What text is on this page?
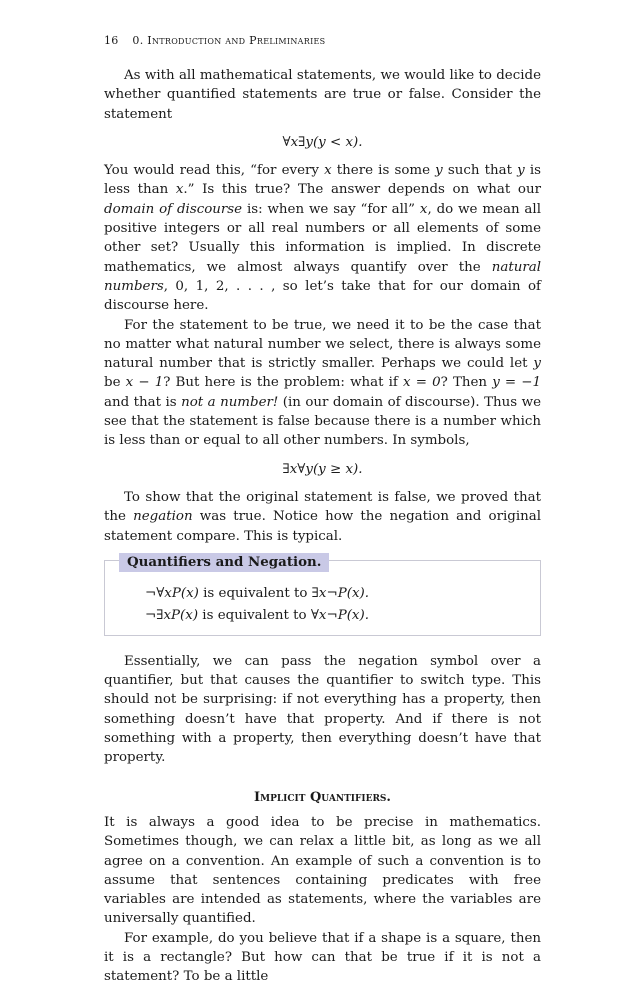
16 0. Introduction and Preliminaries

As with all mathematical statements, we would like to decide whether quantified statements are true or false. Consider the statement

∀x∃y(y < x).

You would read this, “for every x there is some y such that y is less than x.” Is this true? The answer depends on what our domain of discourse is: when we say “for all” x, do we mean all positive integers or all real numbers or all elements of some other set? Usually this information is implied. In discrete mathematics, we almost always quantify over the natural numbers, 0, 1, 2, . . . , so let’s take that for our domain of discourse here.

For the statement to be true, we need it to be the case that no matter what natural number we select, there is always some natural number that is strictly smaller. Perhaps we could let y be x − 1? But here is the problem: what if x = 0? Then y = −1 and that is not a number! (in our domain of discourse). Thus we see that the statement is false because there is a number which is less than or equal to all other numbers. In symbols,

∃x∀y(y ≥ x).

To show that the original statement is false, we proved that the negation was true. Notice how the negation and original statement compare. This is typical.

Quantifiers and Negation.
¬∀xP(x) is equivalent to ∃x¬P(x).
¬∃xP(x) is equivalent to ∀x¬P(x).

Essentially, we can pass the negation symbol over a quantifier, but that causes the quantifier to switch type. This should not be surprising: if not everything has a property, then something doesn’t have that property. And if there is not something with a property, then everything doesn’t have that property.

Implicit Quantifiers.

It is always a good idea to be precise in mathematics. Sometimes though, we can relax a little bit, as long as we all agree on a convention. An example of such a convention is to assume that sentences containing predicates with free variables are intended as statements, where the variables are universally quantified.

For example, do you believe that if a shape is a square, then it is a rectangle? But how can that be true if it is not a statement? To be a little
